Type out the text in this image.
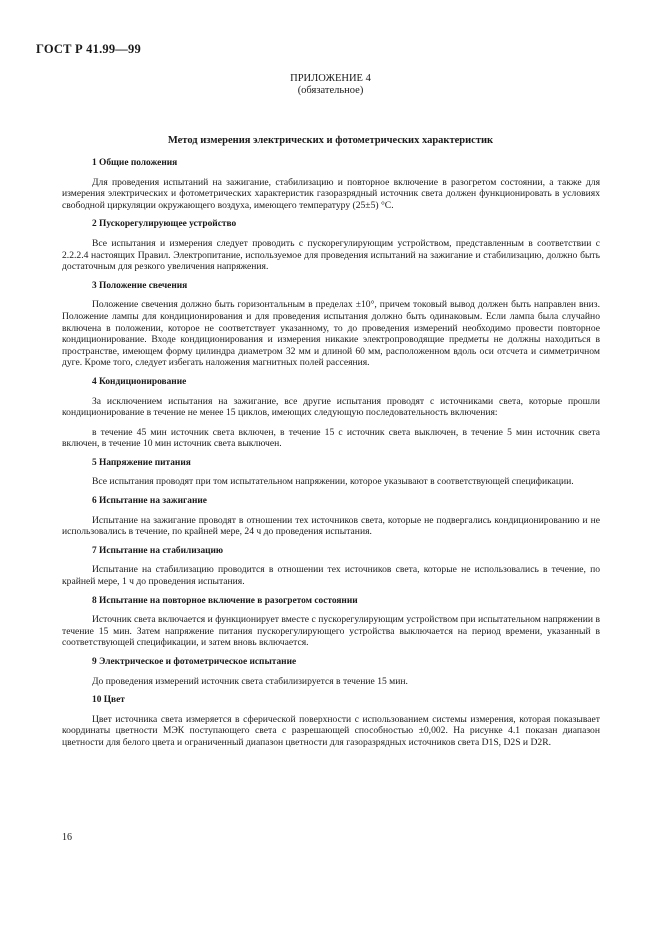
ГОСТ Р 41.99—99
ПРИЛОЖЕНИЕ 4
(обязательное)
Метод измерения электрических и фотометрических характеристик
1 Общие положения

Для проведения испытаний на зажигание, стабилизацию и повторное включение в разогретом состоянии, а также для измерения электрических и фотометрических характеристик газоразрядный источник света должен функционировать в условиях свободной циркуляции окружающего воздуха, имеющего температуру (25±5) °С.

2 Пускорегулирующее устройство

Все испытания и измерения следует проводить с пускорегулирующим устройством, представленным в соответствии с 2.2.2.4 настоящих Правил. Электропитание, используемое для проведения испытаний на зажигание и стабилизацию, должно быть достаточным для резкого увеличения напряжения.

3 Положение свечения

Положение свечения должно быть горизонтальным в пределах ±10°, причем токовый вывод должен быть направлен вниз. Положение лампы для кондиционирования и для проведения испытания должно быть одинаковым. Если лампа была случайно включена в положении, которое не соответствует указанному, то до проведения измерений необходимо провести повторное кондиционирование. Входе кондиционирования и измерения никакие электропроводящие предметы не должны находиться в пространстве, имеющем форму цилиндра диаметром 32 мм и длиной 60 мм, расположенном вдоль оси отсчета и симметричном дуге. Кроме того, следует избегать наложения магнитных полей рассеяния.

4 Кондиционирование

За исключением испытания на зажигание, все другие испытания проводят с источниками света, которые прошли кондиционирование в течение не менее 15 циклов, имеющих следующую последовательность включения:

в течение 45 мин источник света включен, в течение 15 с источник света выключен, в течение 5 мин источник света включен, в течение 10 мин источник света выключен.

5 Напряжение питания

Все испытания проводят при том испытательном напряжении, которое указывают в соответствующей спецификации.

6 Испытание на зажигание

Испытание на зажигание проводят в отношении тех источников света, которые не подвергались кондиционированию и не использовались в течение, по крайней мере, 24 ч до проведения испытания.

7 Испытание на стабилизацию

Испытание на стабилизацию проводится в отношении тех источников света, которые не использовались в течение, по крайней мере, 1 ч до проведения испытания.

8 Испытание на повторное включение в разогретом состоянии

Источник света включается и функционирует вместе с пускорегулирующим устройством при испытательном напряжении в течение 15 мин. Затем напряжение питания пускорегулирующего устройства выключается на период времени, указанный в соответствующей спецификации, и затем вновь включается.

9 Электрическое и фотометрическое испытание

До проведения измерений источник света стабилизируется в течение 15 мин.

10 Цвет

Цвет источника света измеряется в сферической поверхности с использованием системы измерения, которая показывает координаты цветности МЭК поступающего света с разрешающей способностью ±0,002. На рисунке 4.1 показан диапазон цветности для белого цвета и ограниченный диапазон цветности для газоразрядных источников света D1S, D2S и D2R.

16
